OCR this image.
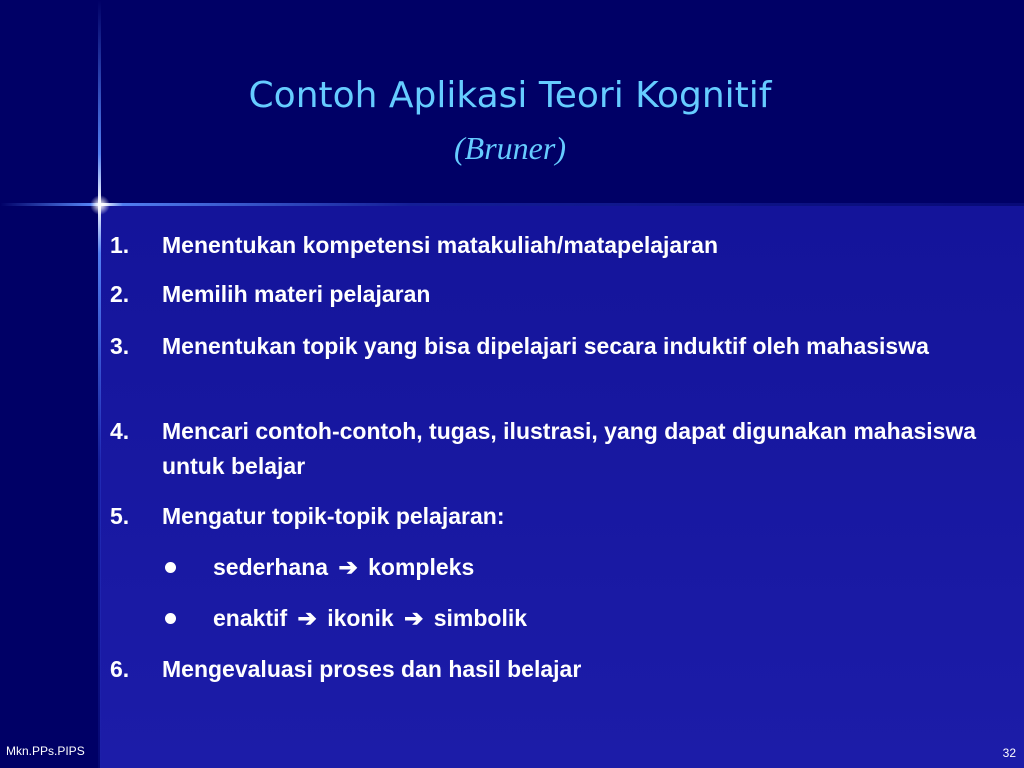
Contoh Aplikasi Teori Kognitif
(Bruner)
1. Menentukan kompetensi matakuliah/matapelajaran
2. Memilih materi pelajaran
3. Menentukan topik yang bisa dipelajari secara induktif oleh mahasiswa
4. Mencari contoh-contoh, tugas, ilustrasi, yang dapat digunakan mahasiswa untuk belajar
5. Mengatur topik-topik pelajaran:
sederhana ➔ kompleks
enaktif ➔ ikonik ➔ simbolik
6. Mengevaluasi proses dan hasil belajar
Mkn.PPs.PIPS	32
